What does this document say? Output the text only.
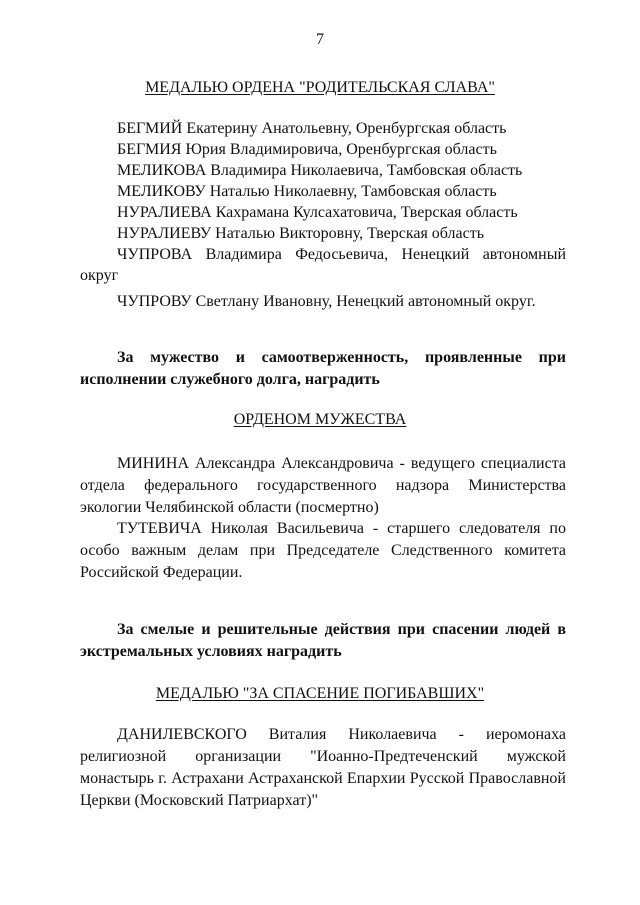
7
МЕДАЛЬЮ ОРДЕНА "РОДИТЕЛЬСКАЯ СЛАВА"
БЕГМИЙ Екатерину Анатольевну, Оренбургская область
БЕГМИЯ Юрия Владимировича, Оренбургская область
МЕЛИКОВА Владимира Николаевича, Тамбовская область
МЕЛИКОВУ Наталью Николаевну, Тамбовская область
НУРАЛИЕВА Кахрамана Кулсахатовича, Тверская область
НУРАЛИЕВУ Наталью Викторовну, Тверская область
ЧУПРОВА Владимира Федосьевича, Ненецкий автономный округ
ЧУПРОВУ Светлану Ивановну, Ненецкий автономный округ.
За мужество и самоотверженность, проявленные при исполнении служебного долга, наградить
ОРДЕНОМ МУЖЕСТВА

МИНИНА Александра Александровича - ведущего специалиста отдела федерального государственного надзора Министерства экологии Челябинской области (посмертно)

ТУТЕВИЧА Николая Васильевича - старшего следователя по особо важным делам при Председателе Следственного комитета Российской Федерации.

За смелые и решительные действия при спасении людей в экстремальных условиях наградить
МЕДАЛЬЮ "ЗА СПАСЕНИЕ ПОГИБАВШИХ"

ДАНИЛЕВСКОГО Виталия Николаевича - иеромонаха религиозной организации "Иоанно-Предтеченский мужской монастырь г. Астрахани Астраханской Епархии Русской Православной Церкви (Московский Патриархат)"
